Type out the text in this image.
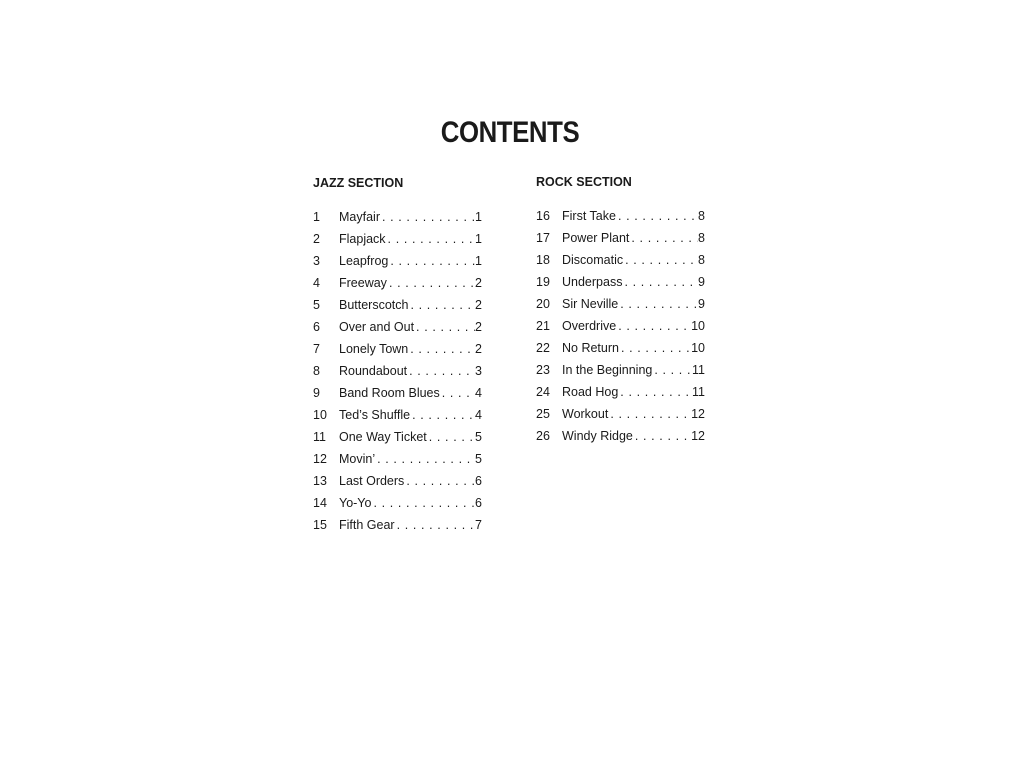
CONTENTS
JAZZ SECTION
1	Mayfair . . .	1
2	Flapjack . . .	1
3	Leapfrog . . .	1
4	Freeway . . .	2
5	Butterscotch . . .	2
6	Over and Out . . .	2
7	Lonely Town . . .	2
8	Roundabout . . .	3
9	Band Room Blues . . .	4
10 Ted’s Shuffle . . .	4
11	One Way Ticket . . .	5
12 Movin’ . . .	5
13 Last Orders . . .	6
14 Yo-Yo . . .	6
15 Fifth Gear . . .	7
ROCK SECTION
16 First Take . . .	8
17 Power Plant . . .	8
18 Discomatic . . .	8
19 Underpass . . .	9
20 Sir Neville . . .	9
21 Overdrive . . .	10
22 No Return . . .	10
23 In the Beginning . . .	11
24 Road Hog . . .	11
25 Workout . . .	12
26 Windy Ridge . . .	12
